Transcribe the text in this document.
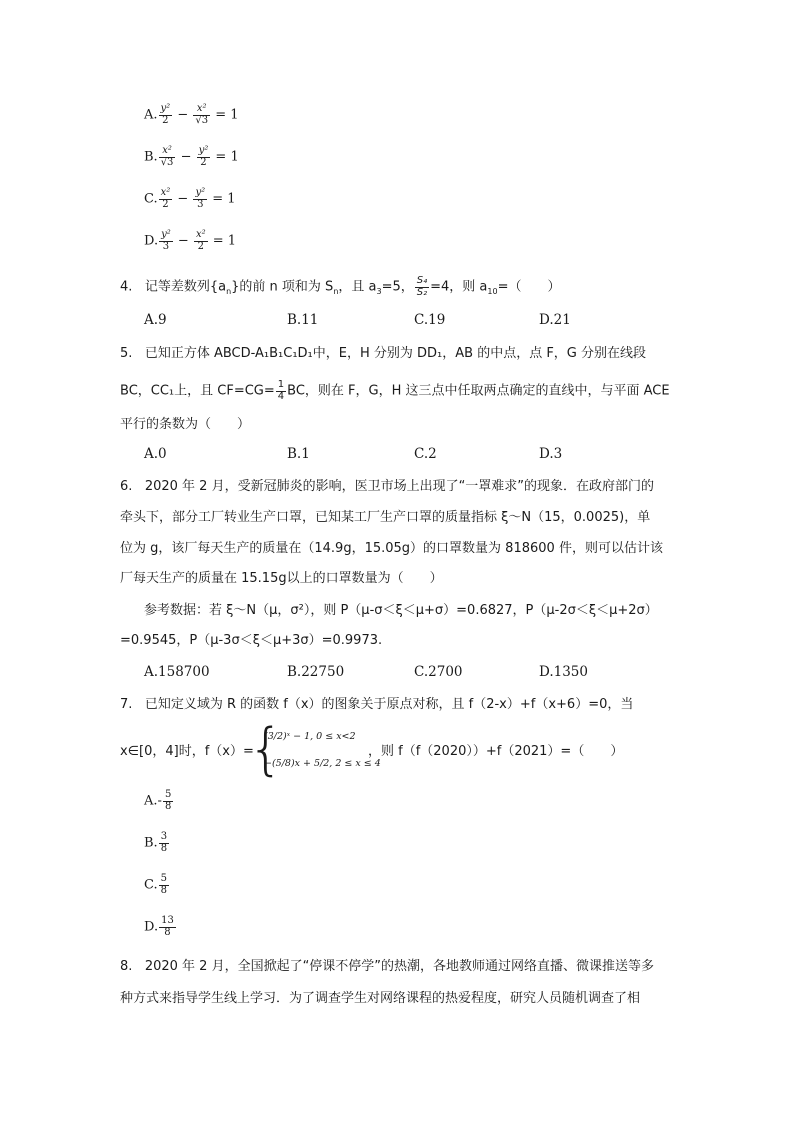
A. $\frac{\text{y²}}{2} - \frac{\text{x²}}{√3} = 1$
B. $\frac{\text{x²}}{√3} - \frac{\text{y²}}{2} = 1$
C. $\frac{\text{x²}}{2} - \frac{\text{y²}}{3} = 1$
D. $\frac{\text{y²}}{3} - \frac{\text{x²}}{2} = 1$
4. 记等差数列$\{a_n\}$的前 n 项和为 $S_n$，且 $a_3=5$， $\frac{\text{S₄}}{\text{S₂}} =4$，则 $a_{10}=$（　　）
A.9	B.11	C.19	D.21
5. 已知正方体 ABCD-A₁B₁C₁D₁中，E，H 分别为 DD₁，AB 的中点，点 F，G 分别在线段
BC，CC₁上，且 $CF=CG= \frac{1}{4}$ BC，则在 F，G，H 这三点中任取两点确定的直线中，与平面 ACE
平行的条数为（　　）
A.0	B.1	C.2	D.3
6. 2020 年 2 月，受新冠肺炎的影响，医卫市场上出现了“一罩难求”的现象．在政府部门的
牵头下，部分工厂转业生产口罩，已知某工厂生产口罩的质量指标 ξ～N（15，0.0025)，单
位为 g，该厂每天生产的质量在（14.9g，15.05g）的口罩数量为 818600 件，则可以估计该
厂每天生产的质量在 15.15g以上的口罩数量为（　　）
参考数据：若 ξ～N（μ，σ²），则 P（μ-σ＜ξ＜μ+σ）=0.6827，P（μ-2σ＜ξ＜μ+2σ）
=0.9545，P（μ-3σ＜ξ＜μ+3σ）=0.9973.
A.158700	B.22750	C.2700	D.1350
7. 已知定义域为 R 的函数 f（x）的图象关于原点对称，且 f（2-x）+f（x+6）=0，当
x∈[0，4]时，f（x）=
{
(3/2)ˣ − 1, 0 ≤ x<2
−(5/8)x + 5/2, 2 ≤ x ≤ 4
，则 f（f（2020））+f（2021）=（　　）
$A.- \frac{5}{8}$
B. $\frac{3}{8}$
C. $\frac{5}{8}$
D. $\frac{13}{8}$
8. 2020 年 2 月，全国掀起了“停课不停学”的热潮，各地教师通过网络直播、微课推送等多
种方式来指导学生线上学习．为了调查学生对网络课程的热爱程度，研究人员随机调查了相
